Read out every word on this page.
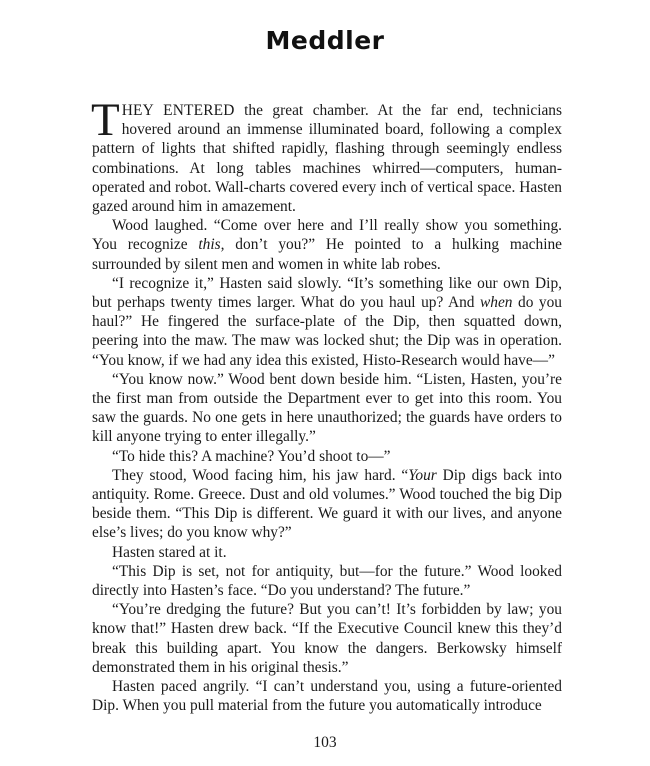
Meddler

THEY ENTERED the great chamber. At the far end, technicians hovered around an immense illuminated board, following a complex pattern of lights that shifted rapidly, flashing through seemingly endless combinations. At long tables machines whirred—computers, human-operated and robot. Wall-charts covered every inch of vertical space. Hasten gazed around him in amazement.

Wood laughed. “Come over here and I’ll really show you something. You recognize this, don’t you?” He pointed to a hulking machine surrounded by silent men and women in white lab robes.

“I recognize it,” Hasten said slowly. “It’s something like our own Dip, but perhaps twenty times larger. What do you haul up? And when do you haul?” He fingered the surface-plate of the Dip, then squatted down, peering into the maw. The maw was locked shut; the Dip was in operation. “You know, if we had any idea this existed, Histo-Research would have—”

“You know now.” Wood bent down beside him. “Listen, Hasten, you’re the first man from outside the Department ever to get into this room. You saw the guards. No one gets in here unauthorized; the guards have orders to kill anyone trying to enter illegally.”

“To hide this? A machine? You’d shoot to—”

They stood, Wood facing him, his jaw hard. “Your Dip digs back into antiquity. Rome. Greece. Dust and old volumes.” Wood touched the big Dip beside them. “This Dip is different. We guard it with our lives, and anyone else’s lives; do you know why?”

Hasten stared at it.

“This Dip is set, not for antiquity, but—for the future.” Wood looked directly into Hasten’s face. “Do you understand? The future.”

“You’re dredging the future? But you can’t! It’s forbidden by law; you know that!” Hasten drew back. “If the Executive Council knew this they’d break this building apart. You know the dangers. Berkowsky himself demonstrated them in his original thesis.”

Hasten paced angrily. “I can’t understand you, using a future-oriented Dip. When you pull material from the future you automatically introduce

103
